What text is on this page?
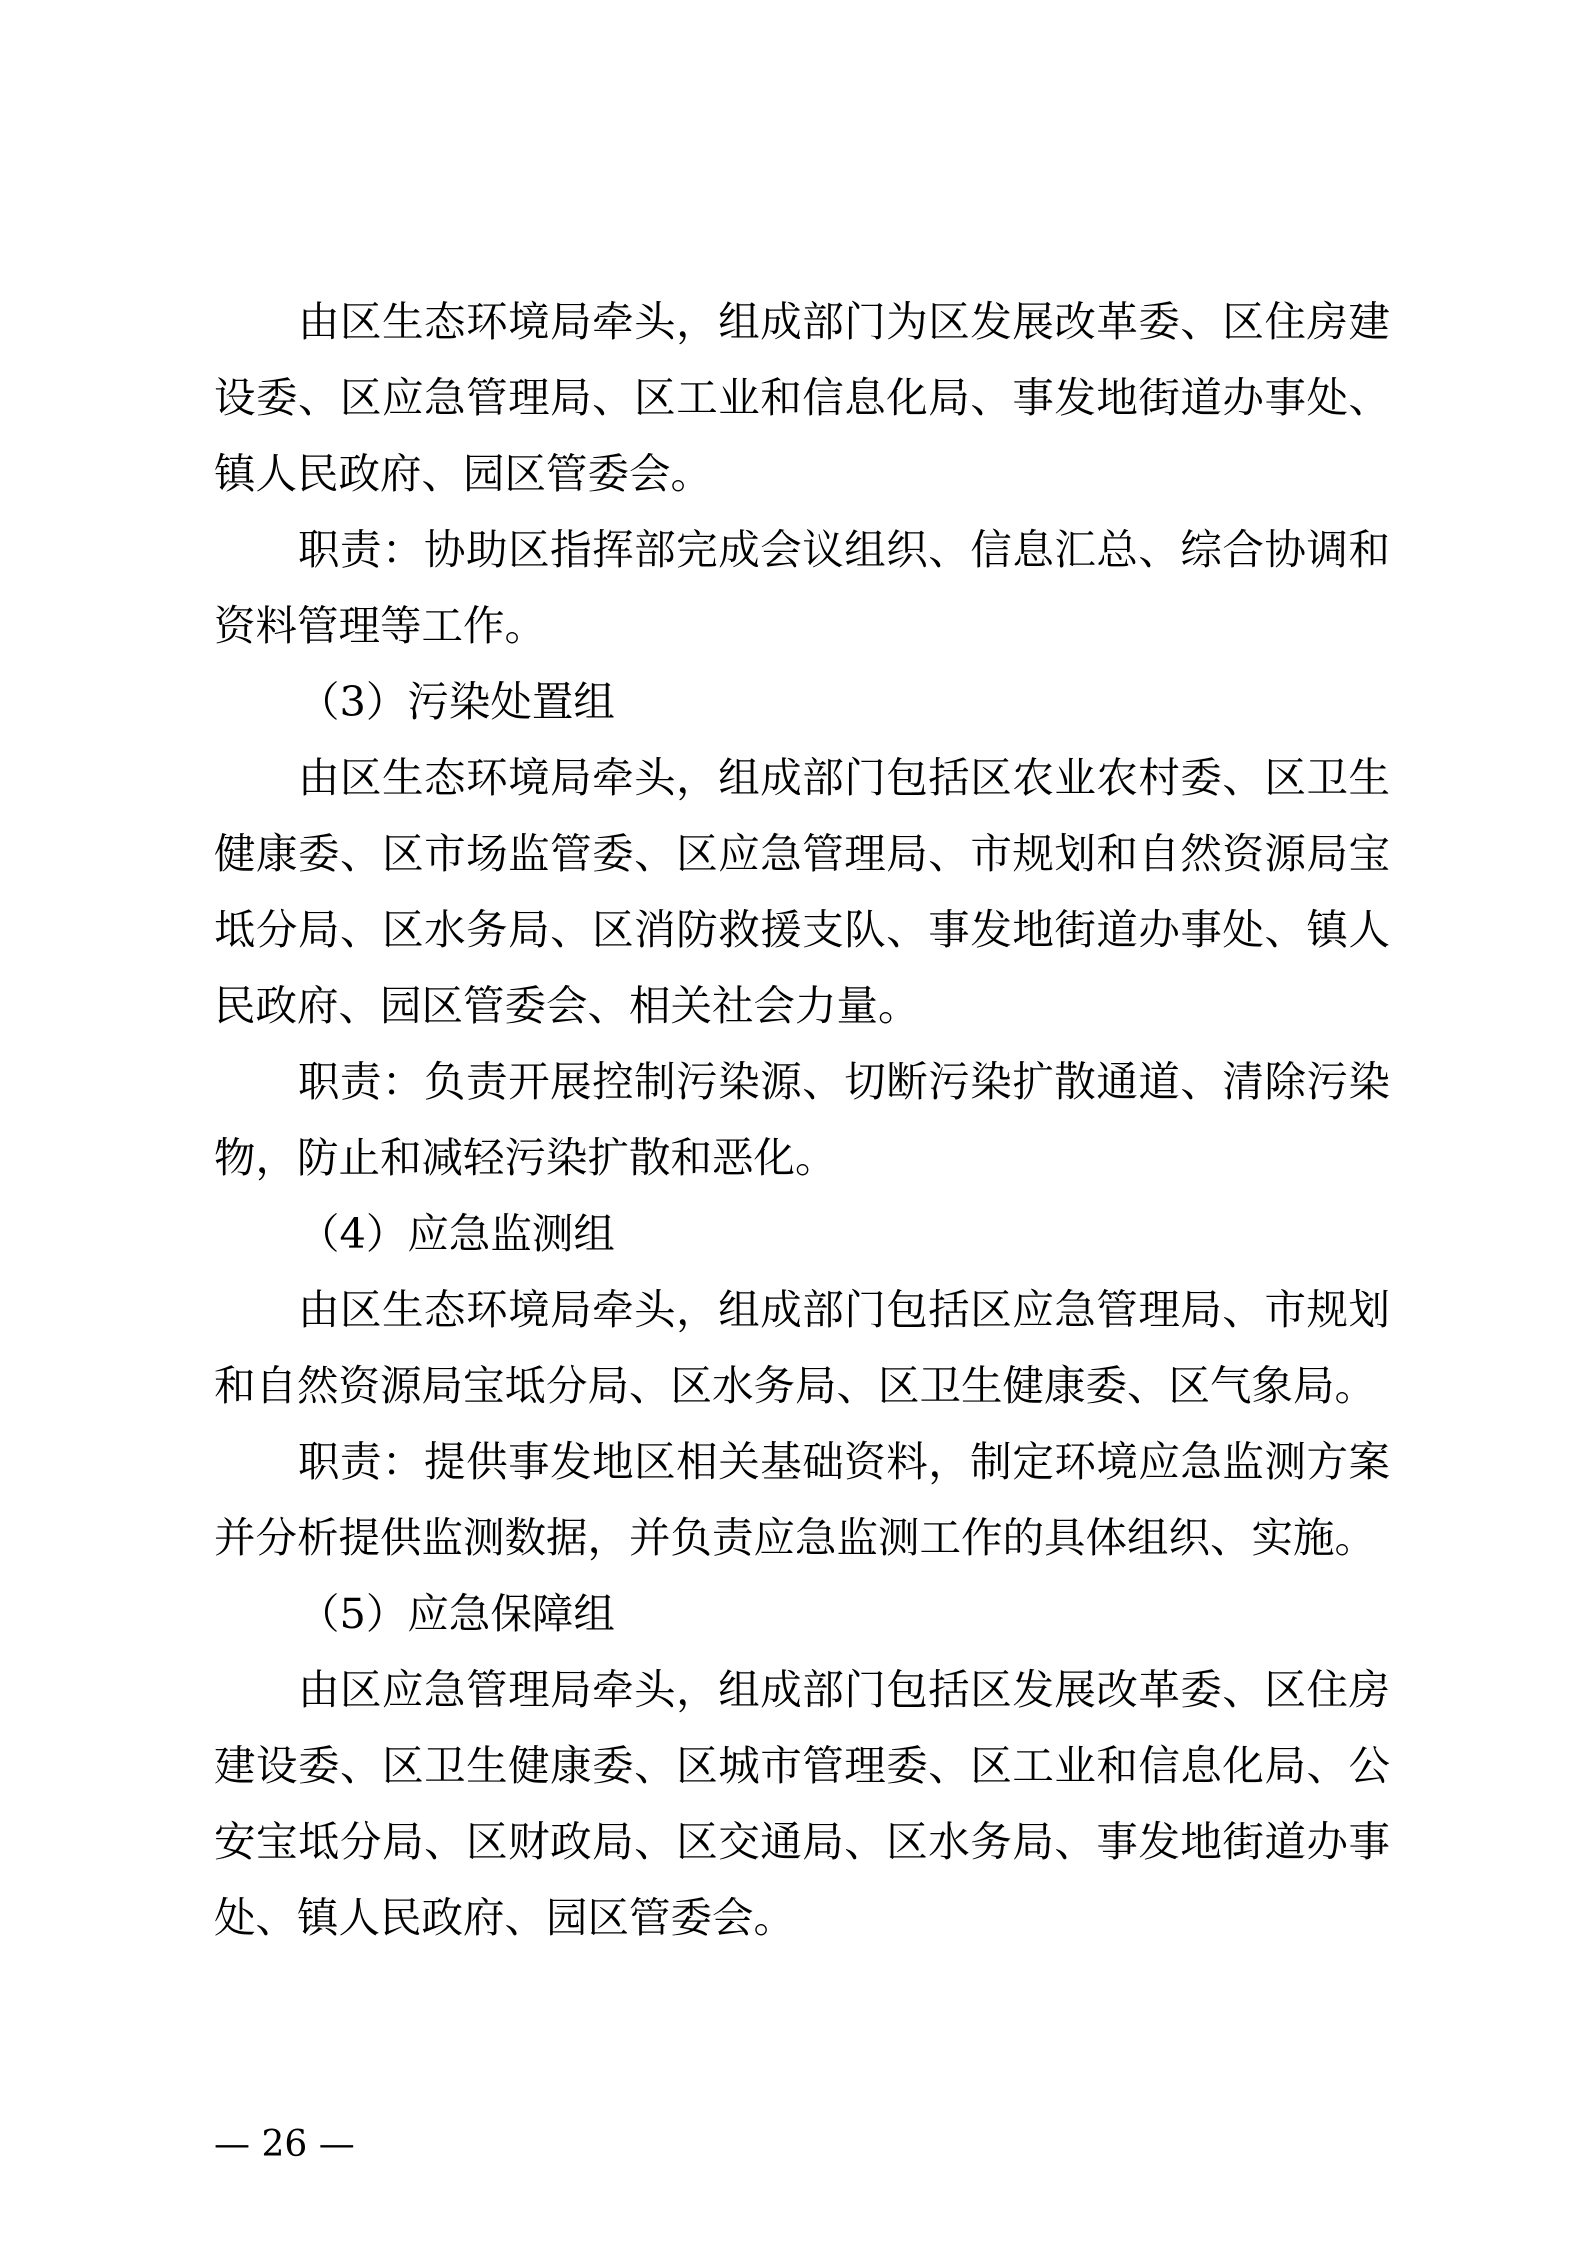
由区生态环境局牵头，组成部门为区发展改革委、区住房建
设委、区应急管理局、区工业和信息化局、事发地街道办事处、
镇人民政府、园区管委会。
职责：协助区指挥部完成会议组织、信息汇总、综合协调和
资料管理等工作。
（3）污染处置组
由区生态环境局牵头，组成部门包括区农业农村委、区卫生
健康委、区市场监管委、区应急管理局、市规划和自然资源局宝
坻分局、区水务局、区消防救援支队、事发地街道办事处、镇人
民政府、园区管委会、相关社会力量。
职责：负责开展控制污染源、切断污染扩散通道、清除污染
物，防止和减轻污染扩散和恶化。
（4）应急监测组
由区生态环境局牵头，组成部门包括区应急管理局、市规划
和自然资源局宝坻分局、区水务局、区卫生健康委、区气象局。
职责：提供事发地区相关基础资料，制定环境应急监测方案
并分析提供监测数据，并负责应急监测工作的具体组织、实施。
（5）应急保障组
由区应急管理局牵头，组成部门包括区发展改革委、区住房
建设委、区卫生健康委、区城市管理委、区工业和信息化局、公
安宝坻分局、区财政局、区交通局、区水务局、事发地街道办事
处、镇人民政府、园区管委会。
— 26 —
